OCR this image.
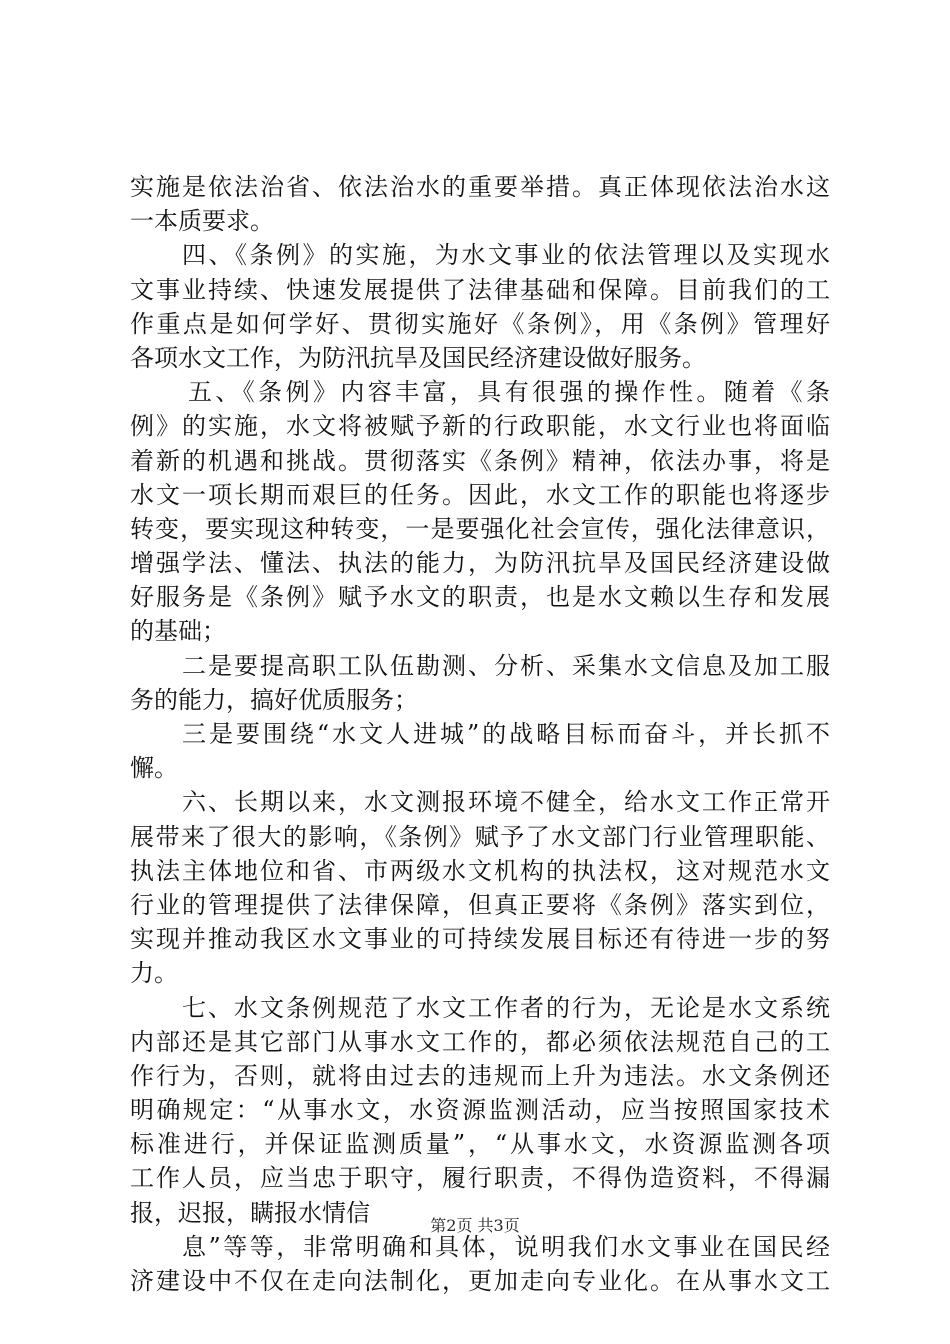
实施是依法治省、依法治水的重要举措。真正体现依法治水这
一本质要求。
四、《条例》的实施，为水文事业的依法管理以及实现水
文事业持续、快速发展提供了法律基础和保障。目前我们的工
作重点是如何学好、贯彻实施好《条例》，用《条例》管理好
各项水文工作，为防汛抗旱及国民经济建设做好服务。
五、《条例》内容丰富，具有很强的操作性。随着《条
例》的实施，水文将被赋予新的行政职能，水文行业也将面临
着新的机遇和挑战。贯彻落实《条例》精神，依法办事，将是
水文一项长期而艰巨的任务。因此，水文工作的职能也将逐步
转变，要实现这种转变，一是要强化社会宣传，强化法律意识，
增强学法、懂法、执法的能力，为防汛抗旱及国民经济建设做
好服务是《条例》赋予水文的职责，也是水文赖以生存和发展
的基础；
二是要提高职工队伍勘测、分析、采集水文信息及加工服
务的能力，搞好优质服务；
三是要围绕“水文人进城”的战略目标而奋斗，并长抓不
懈。
六、长期以来，水文测报环境不健全，给水文工作正常开
展带来了很大的影响，《条例》赋予了水文部门行业管理职能、
执法主体地位和省、市两级水文机构的执法权，这对规范水文
行业的管理提供了法律保障，但真正要将《条例》落实到位，
实现并推动我区水文事业的可持续发展目标还有待进一步的努
力。
七、水文条例规范了水文工作者的行为，无论是水文系统
内部还是其它部门从事水文工作的，都必须依法规范自己的工
作行为，否则，就将由过去的违规而上升为违法。水文条例还
明确规定：“从事水文，水资源监测活动，应当按照国家技术
标准进行，并保证监测质量”，“从事水文，水资源监测各项
工作人员，应当忠于职守，履行职责，不得伪造资料，不得漏
报，迟报，瞒报水情信
息”等等，非常明确和具体，说明我们水文事业在国民经
济建设中不仅在走向法制化，更加走向专业化。在从事水文工
第2页 共3页
